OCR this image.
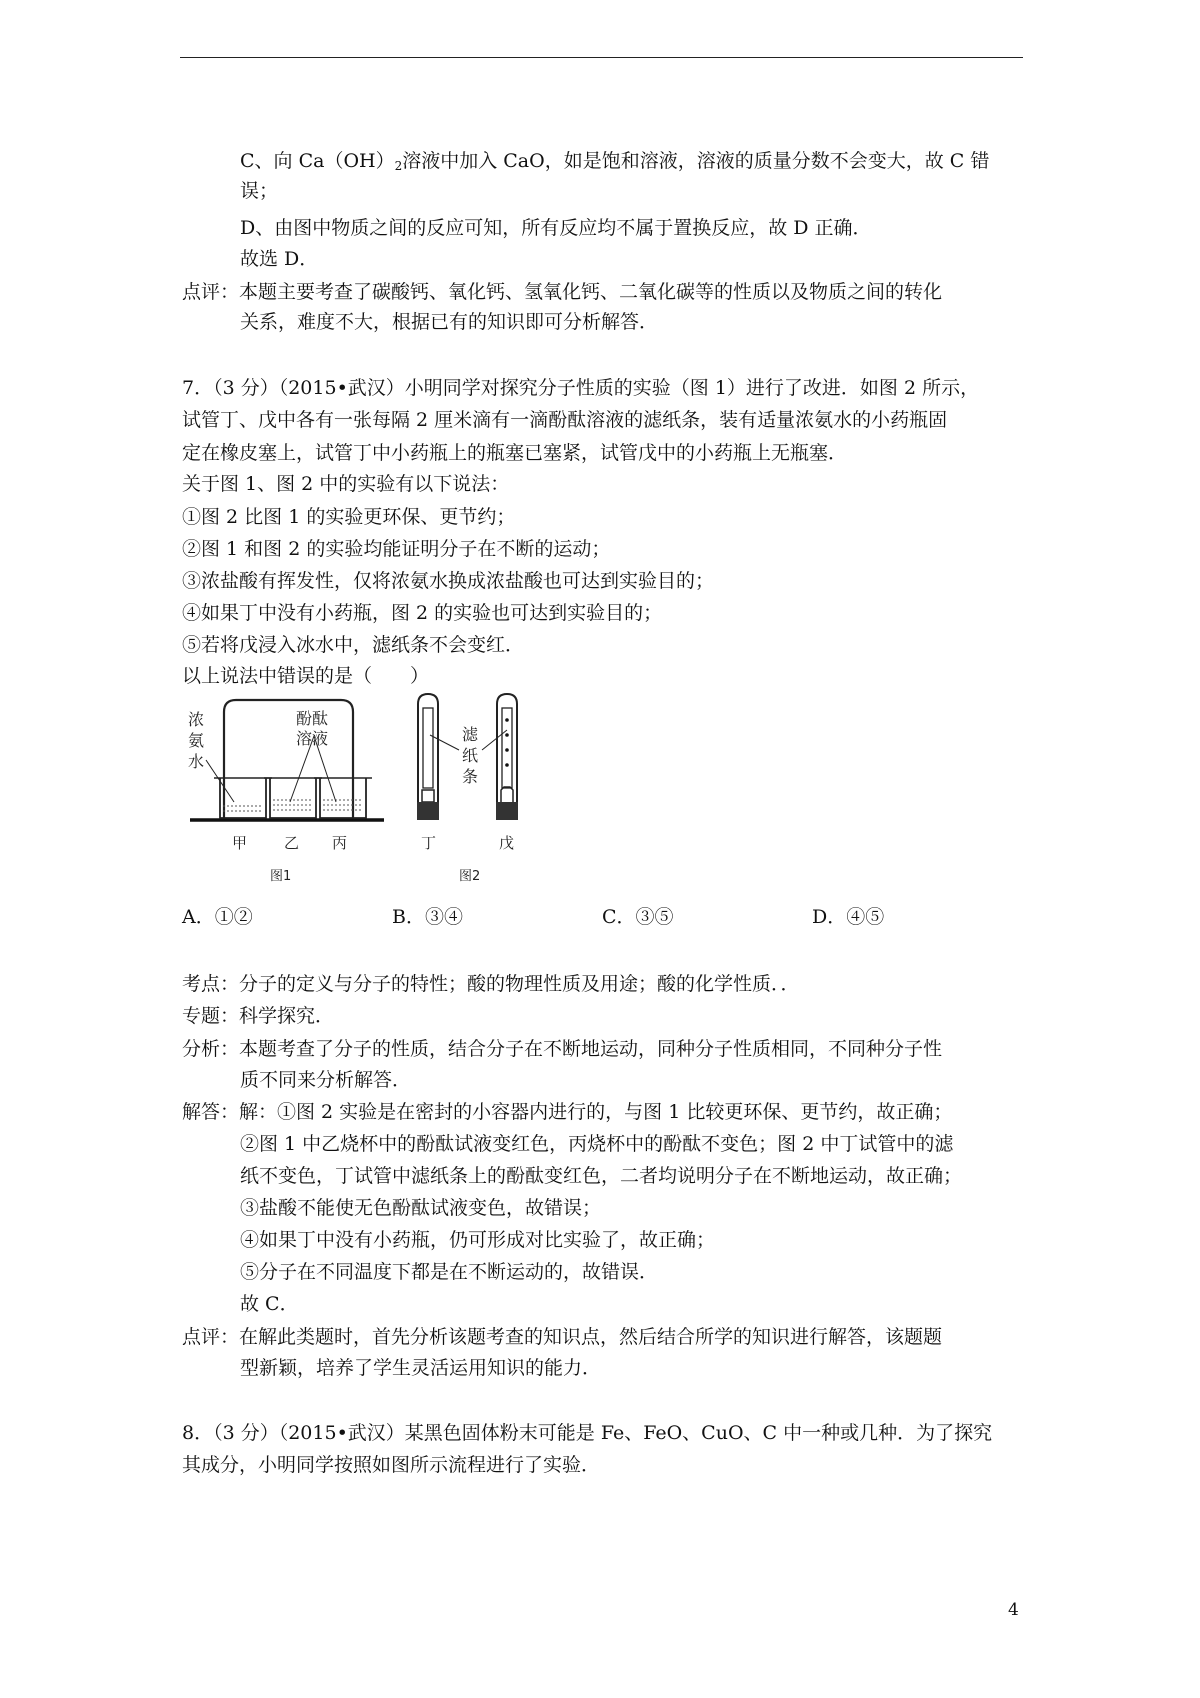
C、向 $Ca(OH)_2$溶液中加入 CaO，如是饱和溶液，溶液的质量分数不会变大，故 C 错
误；
D、由图中物质之间的反应可知，所有反应均不属于置换反应，故 D 正确．
故选 D．
点评：本题主要考查了碳酸钙、氧化钙、氢氧化钙、二氧化碳等的性质以及物质之间的转化
关系，难度不大，根据已有的知识即可分析解答．
7．（3 分）（2015•武汉）小明同学对探究分子性质的实验（图 1）进行了改进．如图 2 所示，
试管丁、戊中各有一张每隔 2 厘米滴有一滴酚酞溶液的滤纸条，装有适量浓氨水的小药瓶固
定在橡皮塞上，试管丁中小药瓶上的瓶塞已塞紧，试管戊中的小药瓶上无瓶塞．
关于图 1、图 2 中的实验有以下说法：
①图 2 比图 1 的实验更环保、更节约；
②图 1 和图 2 的实验均能证明分子在不断的运动；
③浓盐酸有挥发性，仅将浓氨水换成浓盐酸也可达到实验目的；
④如果丁中没有小药瓶，图 2 的实验也可达到实验目的；
⑤若将戊浸入冰水中，滤纸条不会变红．
以上说法中错误的是（　　）
浓
氨
水
酚酞
溶液
甲 乙 丙
图1
滤
纸
条
丁	戊
图2
A．①②	B．③④	C．③⑤	D．④⑤
考点：分子的定义与分子的特性；酸的物理性质及用途；酸的化学性质．．
专题：科学探究．
分析：本题考查了分子的性质，结合分子在不断地运动，同种分子性质相同，不同种分子性
质不同来分析解答．
解答：解：①图 2 实验是在密封的小容器内进行的，与图 1 比较更环保、更节约，故正确；
②图 1 中乙烧杯中的酚酞试液变红色，丙烧杯中的酚酞不变色；图 2 中丁试管中的滤
纸不变色，丁试管中滤纸条上的酚酞变红色，二者均说明分子在不断地运动，故正确；
③盐酸不能使无色酚酞试液变色，故错误；
④如果丁中没有小药瓶，仍可形成对比实验了，故正确；
⑤分子在不同温度下都是在不断运动的，故错误．
故 C．
点评：在解此类题时，首先分析该题考查的知识点，然后结合所学的知识进行解答，该题题
型新颖，培养了学生灵活运用知识的能力．
8．（3 分）（2015•武汉）某黑色固体粉末可能是 Fe、FeO、CuO、C 中一种或几种．为了探究
其成分，小明同学按照如图所示流程进行了实验．
4
